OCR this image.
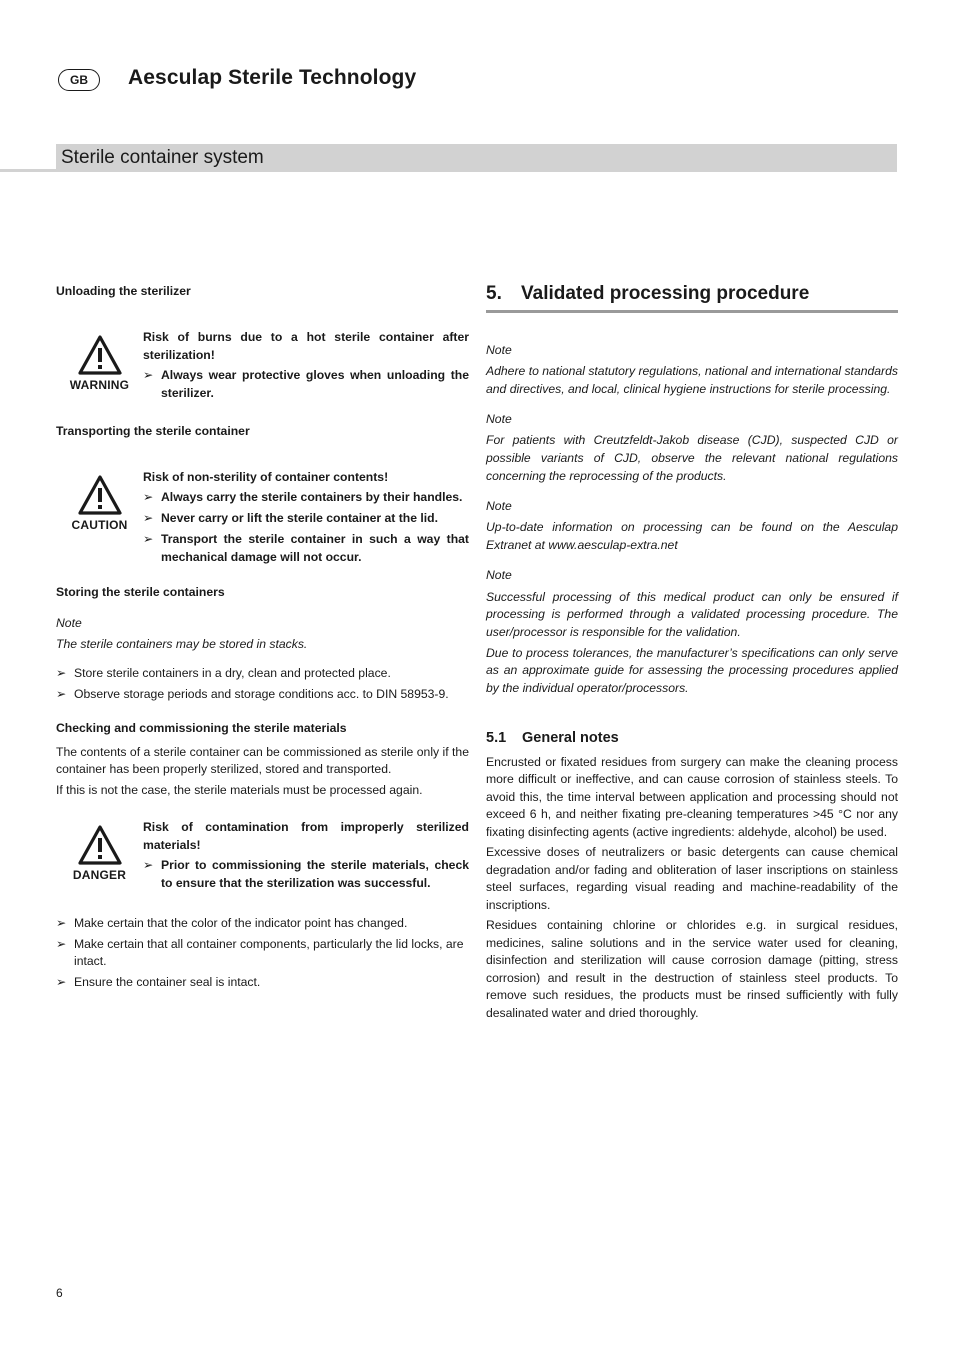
GB	Aesculap Sterile Technology
Sterile container system
Unloading the sterilizer
WARNING

Risk of burns due to a hot sterile container after sterilization!

➢ Always wear protective gloves when unloading the sterilizer.
Transporting the sterile container
CAUTION

Risk of non-sterility of container contents!

➢ Always carry the sterile containers by their handles.
➢ Never carry or lift the sterile container at the lid.
➢ Transport the sterile container in such a way that mechanical damage will not occur.
Storing the sterile containers

Note

The sterile containers may be stored in stacks.

➢ Store sterile containers in a dry, clean and protected place.
➢ Observe storage periods and storage conditions acc. to DIN 58953-9.
Checking and commissioning the sterile materials

The contents of a sterile container can be commissioned as sterile only if the container has been properly sterilized, stored and transported.

If this is not the case, the sterile materials must be processed again.

DANGER

Risk of contamination from improperly sterilized materials!

➢ Prior to commissioning the sterile materials, check to ensure that the sterilization was successful.
➢ Make certain that the color of the indicator point has changed.
➢ Make certain that all container components, particularly the lid locks, are intact.
➢ Ensure the container seal is intact.
5. Validated processing procedure

Note

Adhere to national statutory regulations, national and international standards and directives, and local, clinical hygiene instructions for sterile processing.

Note

For patients with Creutzfeldt-Jakob disease (CJD), suspected CJD or possible variants of CJD, observe the relevant national regulations concerning the reprocessing of the products.

Note

Up-to-date information on processing can be found on the Aesculap Extranet at www.aesculap-extra.net

Note

Successful processing of this medical product can only be ensured if processing is performed through a validated processing procedure. The user/processor is responsible for the validation.

Due to process tolerances, the manufacturer’s specifications can only serve as an approximate guide for assessing the processing procedures applied by the individual operator/processors.

5.1 General notes

Encrusted or fixated residues from surgery can make the cleaning process more difficult or ineffective, and can cause corrosion of stainless steels. To avoid this, the time interval between application and processing should not exceed 6 h, and neither fixating pre-cleaning temperatures >45 °C nor any fixating disinfecting agents (active ingredients: aldehyde, alcohol) be used.

Excessive doses of neutralizers or basic detergents can cause chemical degradation and/or fading and obliteration of laser inscriptions on stainless steel surfaces, regarding visual reading and machine-readability of the inscriptions.

Residues containing chlorine or chlorides e.g. in surgical residues, medicines, saline solutions and in the service water used for cleaning, disinfection and sterilization will cause corrosion damage (pitting, stress corrosion) and result in the destruction of stainless steel products. To remove such residues, the products must be rinsed sufficiently with fully desalinated water and dried thoroughly.

6
